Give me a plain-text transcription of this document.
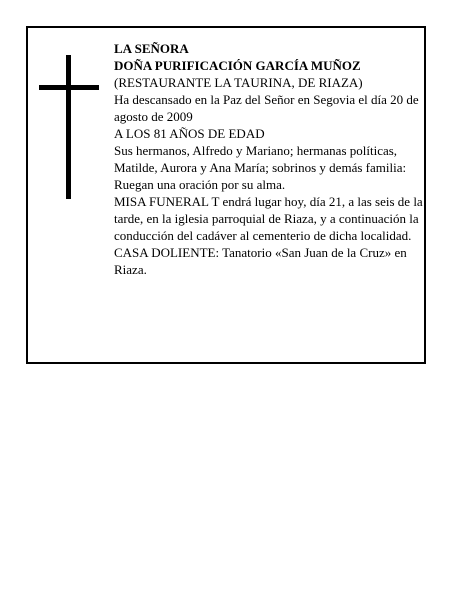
LA SEÑORA

DOÑA PURIFICACIÓN GARCÍA MUÑOZ

(RESTAURANTE LA TAURINA, DE RIAZA)

Ha descansado en la Paz del Señor en Segovia el día 20 de agosto de 2009

A LOS 81 AÑOS DE EDAD

Sus hermanos, Alfredo y Mariano; hermanas políticas, Matilde, Aurora y Ana María; sobrinos y demás familia:

Ruegan una oración por su alma.

MISA FUNERAL T endrá lugar hoy, día 21, a las seis de la tarde, en la iglesia parroquial de Riaza, y a continuación la conducción del cadáver al cementerio de dicha localidad.

CASA DOLIENTE: Tanatorio «San Juan de la Cruz» en Riaza.
